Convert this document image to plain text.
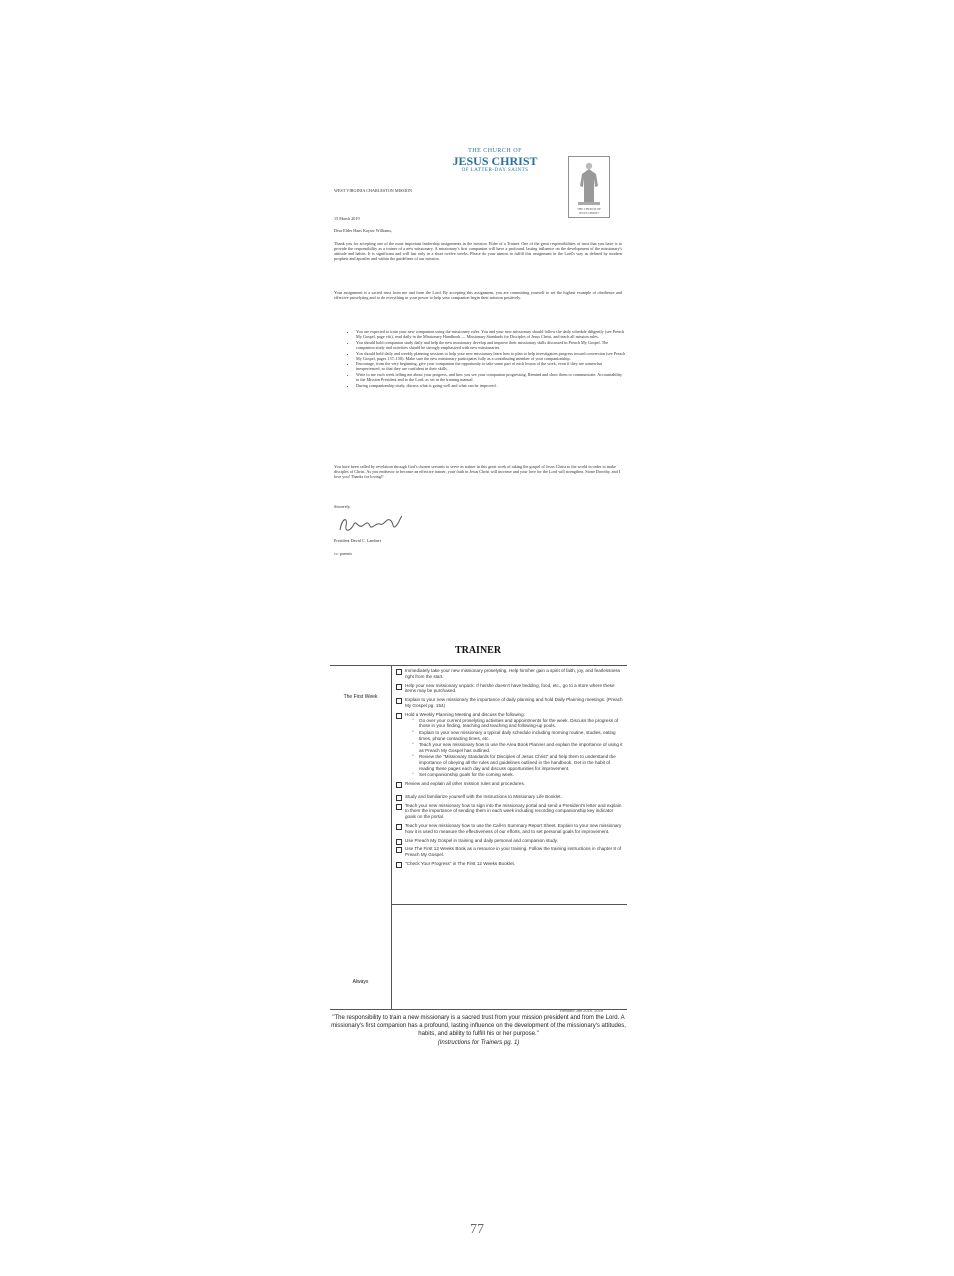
THE CHURCH OF
JESUS CHRIST
OF LATTER-DAY SAINTS
THE CHURCH OF
JESUS CHRIST
WEST VIRGINIA CHARLESTON MISSION
15 March 2019
Dear Elder Hans Kayser Williams,
Thank you for accepting one of the most important leadership assignments in the mission. Elder of a Trainer. One of the great responsibilities of trust that you have is to provide the responsibility as a trainer of a new missionary. A missionary's first companion will have a profound, lasting influence on the development of the missionary's attitude and habits. It is significant and will last only in a short twelve weeks. Please do your utmost to fulfill this assignment in the Lord's way as defined by modern prophets and apostles and within the guidelines of our mission.
Your assignment is a sacred trust from me and from the Lord. By accepting this assignment, you are committing yourself to set the highest example of obedience and effective proselyting and to do everything in your power to help your companion begin their mission positively.
• You are expected to train your new companion using the missionary rules. You and your new missionary should follow the daily schedule diligently (see Preach My Gospel, page viii), read daily in the Missionary Handbook — Missionary Standards for Disciples of Jesus Christ, and teach all mission rules.
• You should hold companion study daily and help the new missionary develop and improve their missionary skills discussed in Preach My Gospel. The companion study and activities should be strongly emphasized with new missionaries.
• You should hold daily and weekly planning sessions to help your new missionary learn how to plan to help investigators progress toward conversion (see Preach My Gospel, pages 137–150). Make sure the new missionary participates fully as a contributing member of your companionship.
• Encourage, from the very beginning, give your companion the opportunity to take some part of each lesson of the work, even if they are somewhat inexperienced, so that they are confident in their skills.
• Write to me each week telling me about your progress, and how you see your companion progressing. Remind and show them to communicate. Accountability to the Mission President and to the Lord, as set in the training manual.
• During companionship study, discuss what is going well and what can be improved.
You have been called by revelation through God's chosen servants to serve as trainer in this great work of taking the gospel of Jesus Christ to the world in order to make disciples of Christ. As you endeavor to become an effective trainer, your faith in Jesus Christ will increase and your love for the Lord will strengthen. Stone Dorothy, and I love you! Thanks for loving!!
Sincerely,
President David C. Lambert
cc: parents
TRAINER
The First Week
Always
Immediately take your new missionary proselyting. Help him/her gain a spirit of faith, joy, and fearlessness right from the start.
Help your new missionary unpack. If he/she doesn't have bedding, food, etc., go to a store where these items may be purchased.
Explain to your new missionary the importance of daily planning and hold Daily Planning meetings. (Preach My Gospel pg. 154)
Hold a Weekly Planning Meeting and discuss the following:
▫ Go over your current proselyting activities and appointments for the week. Discuss the progress of those in your finding, teaching and teaching and following-up pools.
▫ Explain to your new missionary a typical daily schedule including morning routine, studies, eating times, phone contacting times, etc.
▫ Teach your new missionary how to use the Area Book Planner and explain the importance of using it as Preach My Gospel has outlined.
▫ Review the "Missionary Standards for Disciples of Jesus Christ" and help them to understand the importance of obeying all the rules and guidelines outlined in the handbook. Get in the habit of reading these pages each day and discuss opportunities for improvement.
▫ Set companionship goals for the coming week.
Review and explain all other mission rules and procedures.
Study and familiarize yourself with the Instructions to Missionary Life Booklet.
Teach your new missionary how to sign into the missionary portal and send a President's letter and explain to them the importance of sending them in each week including recording companionship key indicator goals on the portal.
Teach your new missionary how to use the Call-In Summary Report Sheet. Explain to your new missionary how it is used to measure the effectiveness of our efforts, and to set personal goals for improvement.
Use Preach My Gospel in training and daily personal and companion study.
Use The First 12 Weeks Book as a resource in your training. Follow the training instructions in chapter 8 of Preach My Gospel.
"Check Your Progress" in The First 12 Weeks Booklet.
Revised Jan 2019, 2019
"The responsibility to train a new missionary is a sacred trust from your mission president and from the Lord. A missionary's first companion has a profound, lasting influence on the development of the missionary's attitudes, habits, and ability to fulfill his or her purpose."
(Instructions for Trainers pg. 1)
77
